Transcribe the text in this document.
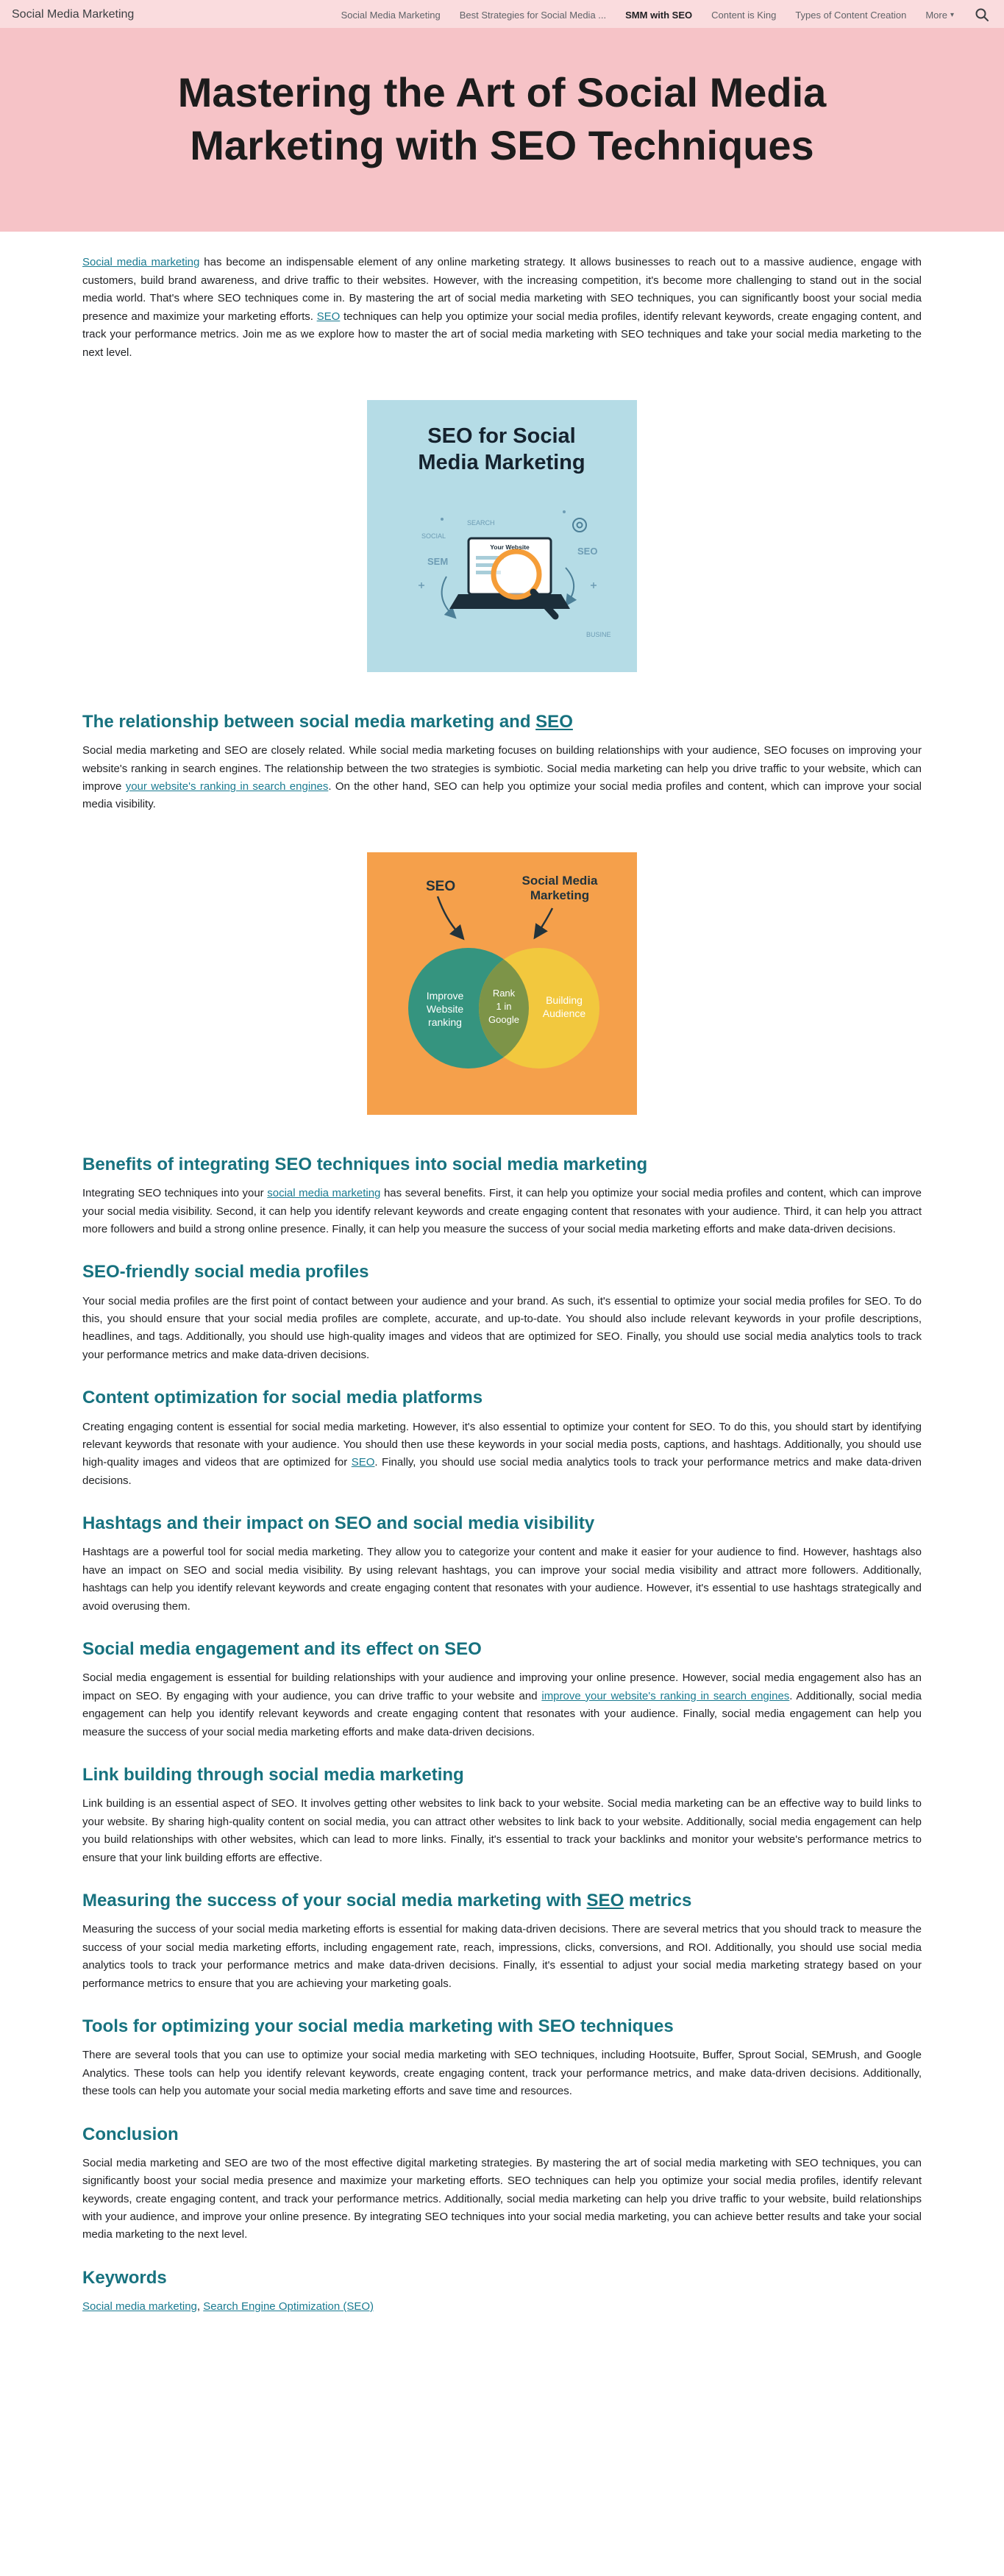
Social Media Marketing	Social Media Marketing Best Strategies for Social Media ... SMM with SEO Content is King Types of Content Creation More ▾
Mastering the Art of Social Media Marketing with SEO Techniques

Social media marketing has become an indispensable element of any online marketing strategy. It allows businesses to reach out to a massive audience, engage with customers, build brand awareness, and drive traffic to their websites. However, with the increasing competition, it's become more challenging to stand out in the social media world. That's where SEO techniques come in. By mastering the art of social media marketing with SEO techniques, you can significantly boost your social media presence and maximize your marketing efforts. SEO techniques can help you optimize your social media profiles, identify relevant keywords, create engaging content, and track your performance metrics. Join me as we explore how to master the art of social media marketing with SEO techniques and take your social media marketing to the next level.

SEO for Social
Media Marketing
SOCIAL
SEM
SEO
SEARCH
BUSINE
Your Website
The relationship between social media marketing and SEO

Social media marketing and SEO are closely related. While social media marketing focuses on building relationships with your audience, SEO focuses on improving your website's ranking in search engines. The relationship between the two strategies is symbiotic. Social media marketing can help you drive traffic to your website, which can improve your website's ranking in search engines. On the other hand, SEO can help you optimize your social media profiles and content, which can improve your social media visibility.

SEO	Social Media
Marketing
Improve
Website
ranking
Rank
1 in
Google
Building
Audience
Benefits of integrating SEO techniques into social media marketing

Integrating SEO techniques into your social media marketing has several benefits. First, it can help you optimize your social media profiles and content, which can improve your social media visibility. Second, it can help you identify relevant keywords and create engaging content that resonates with your audience. Third, it can help you attract more followers and build a strong online presence. Finally, it can help you measure the success of your social media marketing efforts and make data-driven decisions.

SEO-friendly social media profiles

Your social media profiles are the first point of contact between your audience and your brand. As such, it's essential to optimize your social media profiles for SEO. To do this, you should ensure that your social media profiles are complete, accurate, and up-to-date. You should also include relevant keywords in your profile descriptions, headlines, and tags. Additionally, you should use high-quality images and videos that are optimized for SEO. Finally, you should use social media analytics tools to track your performance metrics and make data-driven decisions.

Content optimization for social media platforms

Creating engaging content is essential for social media marketing. However, it's also essential to optimize your content for SEO. To do this, you should start by identifying relevant keywords that resonate with your audience. You should then use these keywords in your social media posts, captions, and hashtags. Additionally, you should use high-quality images and videos that are optimized for SEO. Finally, you should use social media analytics tools to track your performance metrics and make data-driven decisions.

Hashtags and their impact on SEO and social media visibility

Hashtags are a powerful tool for social media marketing. They allow you to categorize your content and make it easier for your audience to find. However, hashtags also have an impact on SEO and social media visibility. By using relevant hashtags, you can improve your social media visibility and attract more followers. Additionally, hashtags can help you identify relevant keywords and create engaging content that resonates with your audience. However, it's essential to use hashtags strategically and avoid overusing them.

Social media engagement and its effect on SEO

Social media engagement is essential for building relationships with your audience and improving your online presence. However, social media engagement also has an impact on SEO. By engaging with your audience, you can drive traffic to your website and improve your website's ranking in search engines. Additionally, social media engagement can help you identify relevant keywords and create engaging content that resonates with your audience. Finally, social media engagement can help you measure the success of your social media marketing efforts and make data-driven decisions.

Link building through social media marketing

Link building is an essential aspect of SEO. It involves getting other websites to link back to your website. Social media marketing can be an effective way to build links to your website. By sharing high-quality content on social media, you can attract other websites to link back to your website. Additionally, social media engagement can help you build relationships with other websites, which can lead to more links. Finally, it's essential to track your backlinks and monitor your website's performance metrics to ensure that your link building efforts are effective.

Measuring the success of your social media marketing with SEO metrics

Measuring the success of your social media marketing efforts is essential for making data-driven decisions. There are several metrics that you should track to measure the success of your social media marketing efforts, including engagement rate, reach, impressions, clicks, conversions, and ROI. Additionally, you should use social media analytics tools to track your performance metrics and make data-driven decisions. Finally, it's essential to adjust your social media marketing strategy based on your performance metrics to ensure that you are achieving your marketing goals.

Tools for optimizing your social media marketing with SEO techniques

There are several tools that you can use to optimize your social media marketing with SEO techniques, including Hootsuite, Buffer, Sprout Social, SEMrush, and Google Analytics. These tools can help you identify relevant keywords, create engaging content, track your performance metrics, and make data-driven decisions. Additionally, these tools can help you automate your social media marketing efforts and save time and resources.

Conclusion

Social media marketing and SEO are two of the most effective digital marketing strategies. By mastering the art of social media marketing with SEO techniques, you can significantly boost your social media presence and maximize your marketing efforts. SEO techniques can help you optimize your social media profiles, identify relevant keywords, create engaging content, and track your performance metrics. Additionally, social media marketing can help you drive traffic to your website, build relationships with your audience, and improve your online presence. By integrating SEO techniques into your social media marketing, you can achieve better results and take your social media marketing to the next level.

Keywords

Social media marketing, Search Engine Optimization (SEO)
